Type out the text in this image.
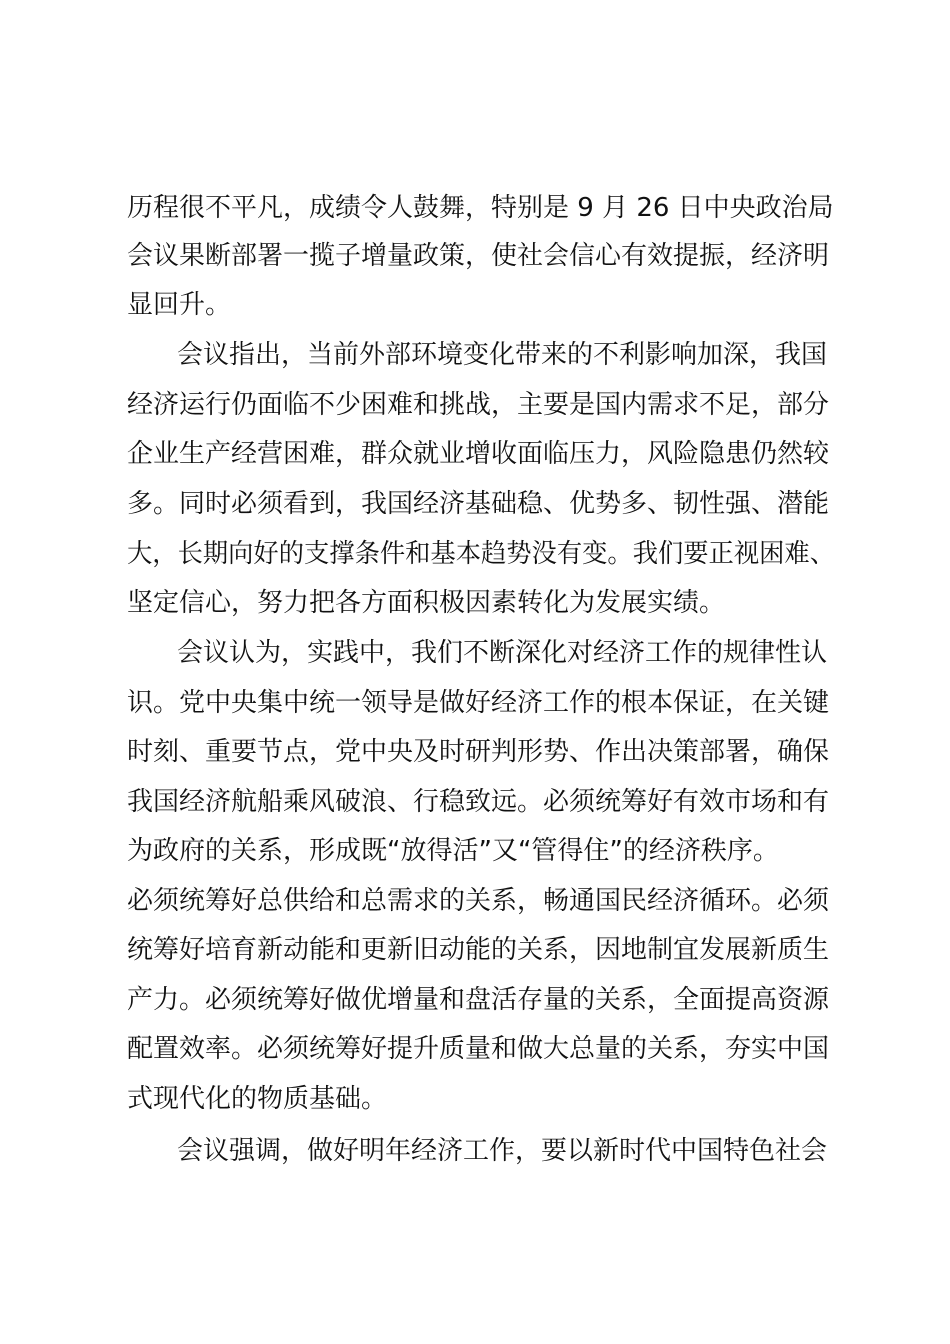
历程很不平凡，成绩令人鼓舞，特别是 9 月 26 日中央政治局
会议果断部署一揽子增量政策，使社会信心有效提振，经济明
显回升。
会议指出，当前外部环境变化带来的不利影响加深，我国
经济运行仍面临不少困难和挑战，主要是国内需求不足，部分
企业生产经营困难，群众就业增收面临压力，风险隐患仍然较
多。同时必须看到，我国经济基础稳、优势多、韧性强、潜能
大，长期向好的支撑条件和基本趋势没有变。我们要正视困难、
坚定信心，努力把各方面积极因素转化为发展实绩。
会议认为，实践中，我们不断深化对经济工作的规律性认
识。党中央集中统一领导是做好经济工作的根本保证，在关键
时刻、重要节点，党中央及时研判形势、作出决策部署，确保
我国经济航船乘风破浪、行稳致远。必须统筹好有效市场和有
为政府的关系，形成既“放得活”又“管得住”的经济秩序。
必须统筹好总供给和总需求的关系，畅通国民经济循环。必须
统筹好培育新动能和更新旧动能的关系，因地制宜发展新质生
产力。必须统筹好做优增量和盘活存量的关系，全面提高资源
配置效率。必须统筹好提升质量和做大总量的关系，夯实中国
式现代化的物质基础。
会议强调，做好明年经济工作，要以新时代中国特色社会
